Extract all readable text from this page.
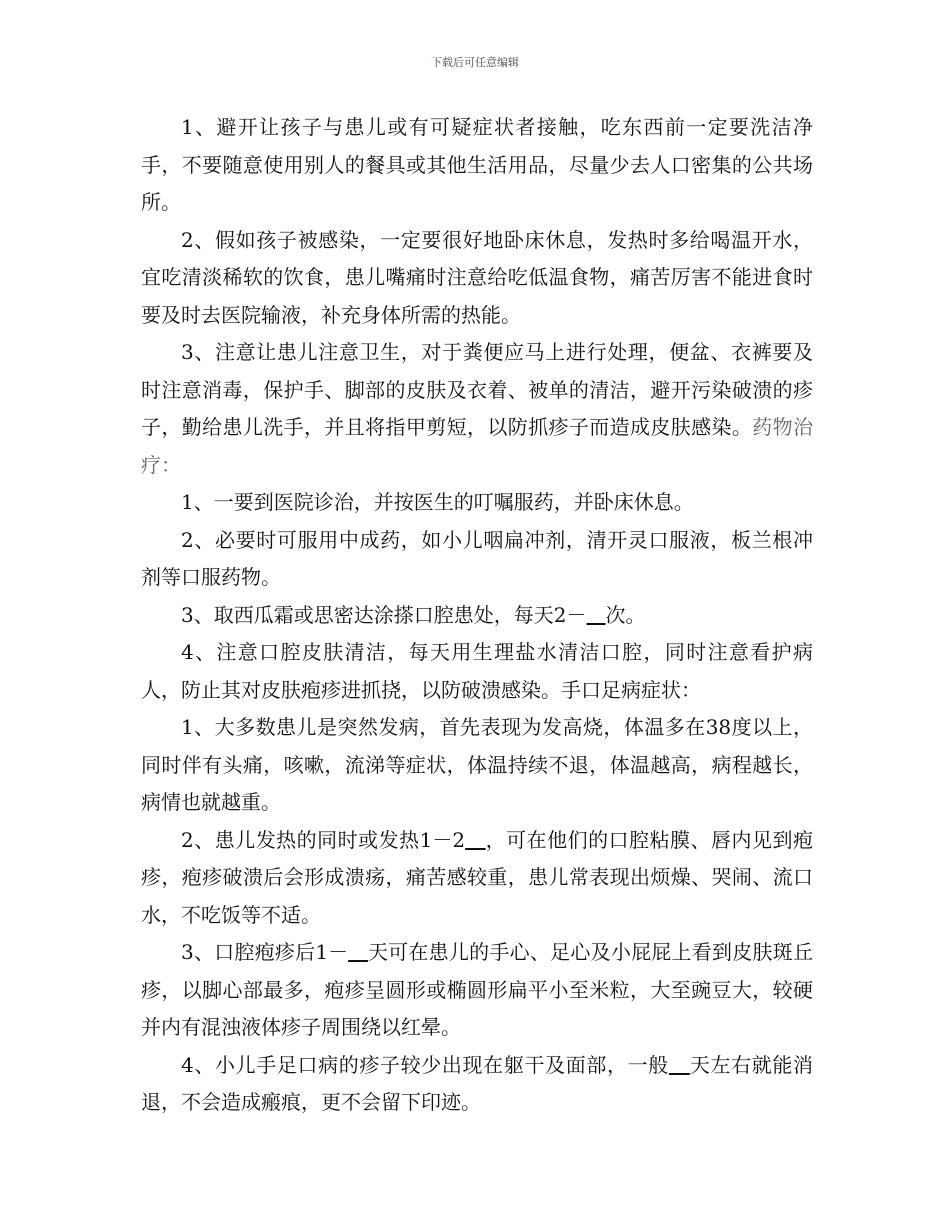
下载后可任意编辑

1、避开让孩子与患儿或有可疑症状者接触，吃东西前一定要洗洁净手，不要随意使用别人的餐具或其他生活用品，尽量少去人口密集的公共场所。

2、假如孩子被感染，一定要很好地卧床休息，发热时多给喝温开水，宜吃清淡稀软的饮食，患儿嘴痛时注意给吃低温食物，痛苦厉害不能进食时要及时去医院输液，补充身体所需的热能。

3、注意让患儿注意卫生，对于粪便应马上进行处理，便盆、衣裤要及时注意消毒，保护手、脚部的皮肤及衣着、被单的清洁，避开污染破溃的疹子，勤给患儿洗手，并且将指甲剪短，以防抓疹子而造成皮肤感染。药物治疗：

1、一要到医院诊治，并按医生的叮嘱服药，并卧床休息。

2、必要时可服用中成药，如小儿咽扁冲剂，清开灵口服液，板兰根冲剂等口服药物。

3、取西瓜霜或思密达涂搽口腔患处，每天2－ 次。

4、注意口腔皮肤清洁，每天用生理盐水清洁口腔，同时注意看护病人，防止其对皮肤疱疹进抓挠，以防破溃感染。手口足病症状：

1、大多数患儿是突然发病，首先表现为发高烧，体温多在38度以上，同时伴有头痛，咳嗽，流涕等症状，体温持续不退，体温越高，病程越长，病情也就越重。

2、患儿发热的同时或发热1－2 ，可在他们的口腔粘膜、唇内见到疱疹，疱疹破溃后会形成溃疡，痛苦感较重，患儿常表现出烦燥、哭闹、流口水，不吃饭等不适。

3、口腔疱疹后1－ 天可在患儿的手心、足心及小屁屁上看到皮肤斑丘疹，以脚心部最多，疱疹呈圆形或椭圆形扁平小至米粒，大至豌豆大，较硬并内有混浊液体疹子周围绕以红晕。

4、小儿手足口病的疹子较少出现在躯干及面部，一般 天左右就能消退，不会造成瘢痕，更不会留下印迹。
